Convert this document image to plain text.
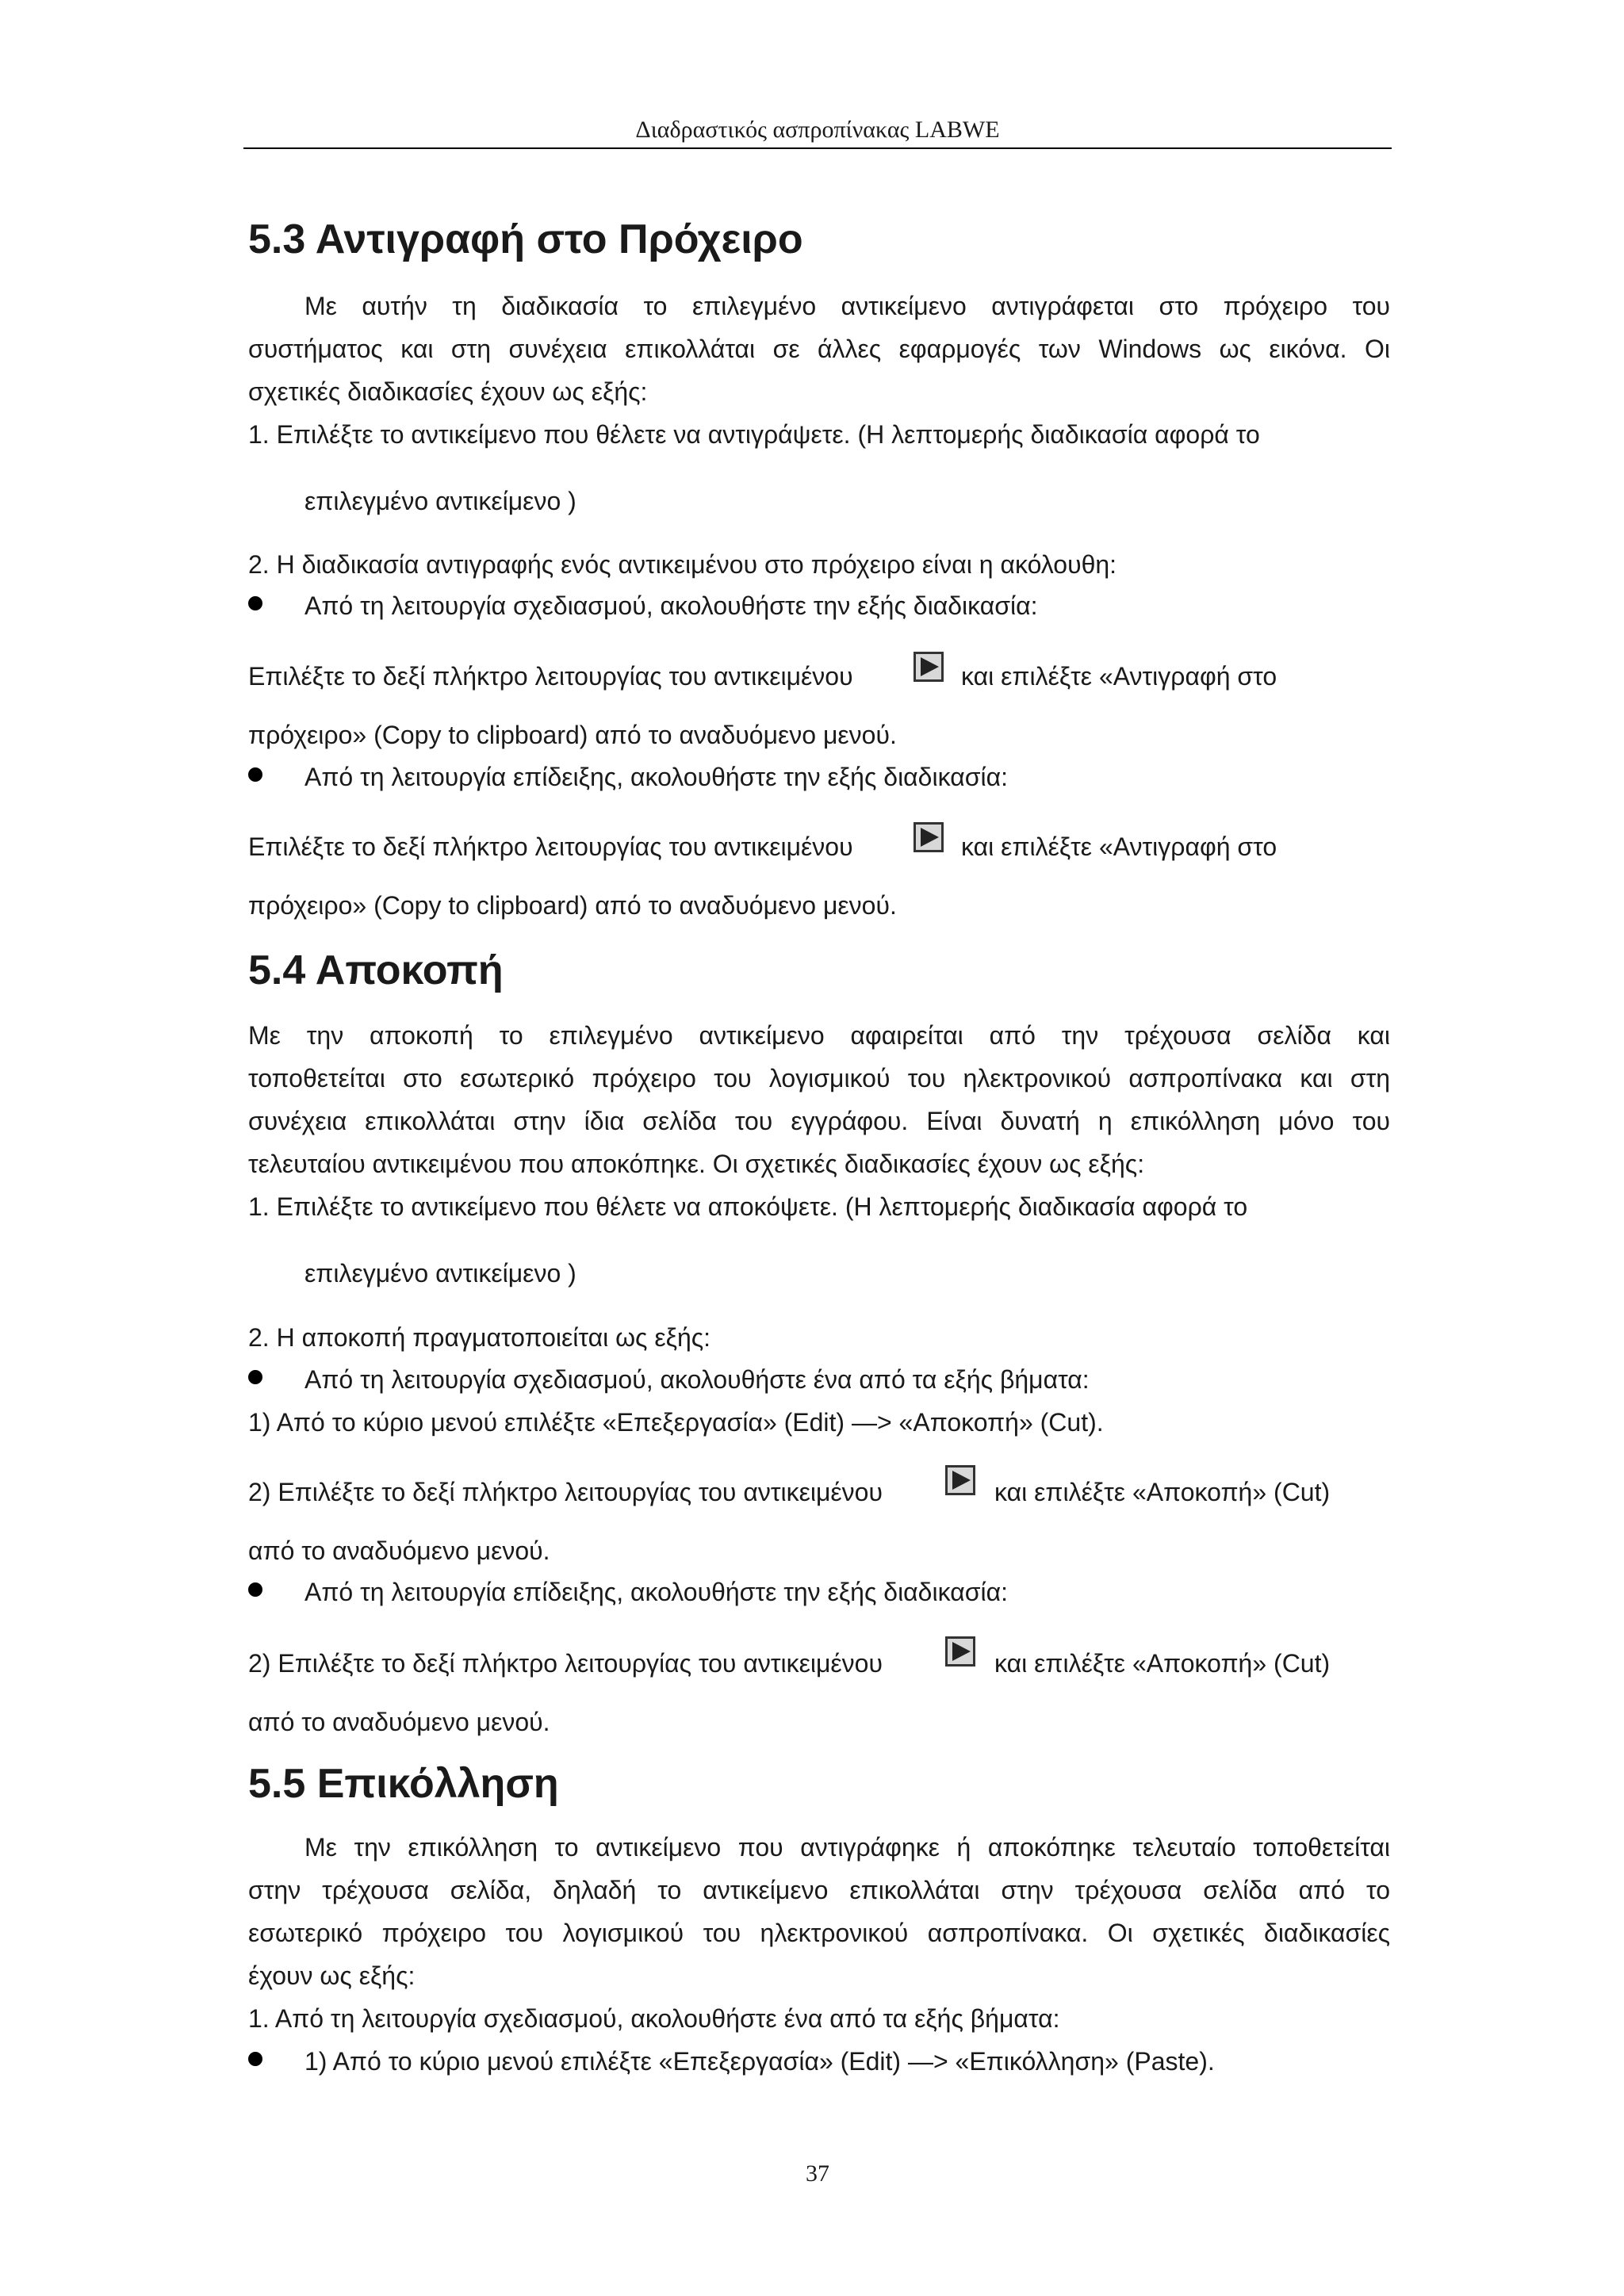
Διαδραστικός ασπροπίνακας LABWE
5.3 Αντιγραφή στο Πρόχειρο
Με αυτήν τη διαδικασία το επιλεγμένο αντικείμενο αντιγράφεται στο πρόχειρο του
συστήματος και στη συνέχεια επικολλάται σε άλλες εφαρμογές των Windows ως εικόνα. Οι
σχετικές διαδικασίες έχουν ως εξής:
1. Επιλέξτε το αντικείμενο που θέλετε να αντιγράψετε. (Η λεπτομερής διαδικασία αφορά το
επιλεγμένο αντικείμενο )
2. Η διαδικασία αντιγραφής ενός αντικειμένου στο πρόχειρο είναι η ακόλουθη:
Από τη λειτουργία σχεδιασμού, ακολουθήστε την εξής διαδικασία:
Επιλέξτε το δεξί πλήκτρο λειτουργίας του αντικειμένου	και επιλέξτε «Αντιγραφή στο
πρόχειρο» (Copy to clipboard) από το αναδυόμενο μενού.
Από τη λειτουργία επίδειξης, ακολουθήστε την εξής διαδικασία:
Επιλέξτε το δεξί πλήκτρο λειτουργίας του αντικειμένου	και επιλέξτε «Αντιγραφή στο
πρόχειρο» (Copy to clipboard) από το αναδυόμενο μενού.
5.4 Αποκοπή
Με την αποκοπή το επιλεγμένο αντικείμενο αφαιρείται από την τρέχουσα σελίδα και
τοποθετείται στο εσωτερικό πρόχειρο του λογισμικού του ηλεκτρονικού ασπροπίνακα και στη
συνέχεια επικολλάται στην ίδια σελίδα του εγγράφου. Είναι δυνατή η επικόλληση μόνο του
τελευταίου αντικειμένου που αποκόπηκε. Οι σχετικές διαδικασίες έχουν ως εξής:
1. Επιλέξτε το αντικείμενο που θέλετε να αποκόψετε. (Η λεπτομερής διαδικασία αφορά το
επιλεγμένο αντικείμενο )
2. Η αποκοπή πραγματοποιείται ως εξής:
Από τη λειτουργία σχεδιασμού, ακολουθήστε ένα από τα εξής βήματα:
1) Από το κύριο μενού επιλέξτε «Επεξεργασία» (Edit) —> «Αποκοπή» (Cut).
2) Επιλέξτε το δεξί πλήκτρο λειτουργίας του αντικειμένου	και επιλέξτε «Αποκοπή» (Cut)
από το αναδυόμενο μενού.
Από τη λειτουργία επίδειξης, ακολουθήστε την εξής διαδικασία:
2) Επιλέξτε το δεξί πλήκτρο λειτουργίας του αντικειμένου	και επιλέξτε «Αποκοπή» (Cut)
από το αναδυόμενο μενού.
5.5 Επικόλληση
Με την επικόλληση το αντικείμενο που αντιγράφηκε ή αποκόπηκε τελευταίο τοποθετείται
στην τρέχουσα σελίδα, δηλαδή το αντικείμενο επικολλάται στην τρέχουσα σελίδα από το
εσωτερικό πρόχειρο του λογισμικού του ηλεκτρονικού ασπροπίνακα. Οι σχετικές διαδικασίες
έχουν ως εξής:
1. Από τη λειτουργία σχεδιασμού, ακολουθήστε ένα από τα εξής βήματα:
1) Από το κύριο μενού επιλέξτε «Επεξεργασία» (Edit) —> «Επικόλληση» (Paste).
37
